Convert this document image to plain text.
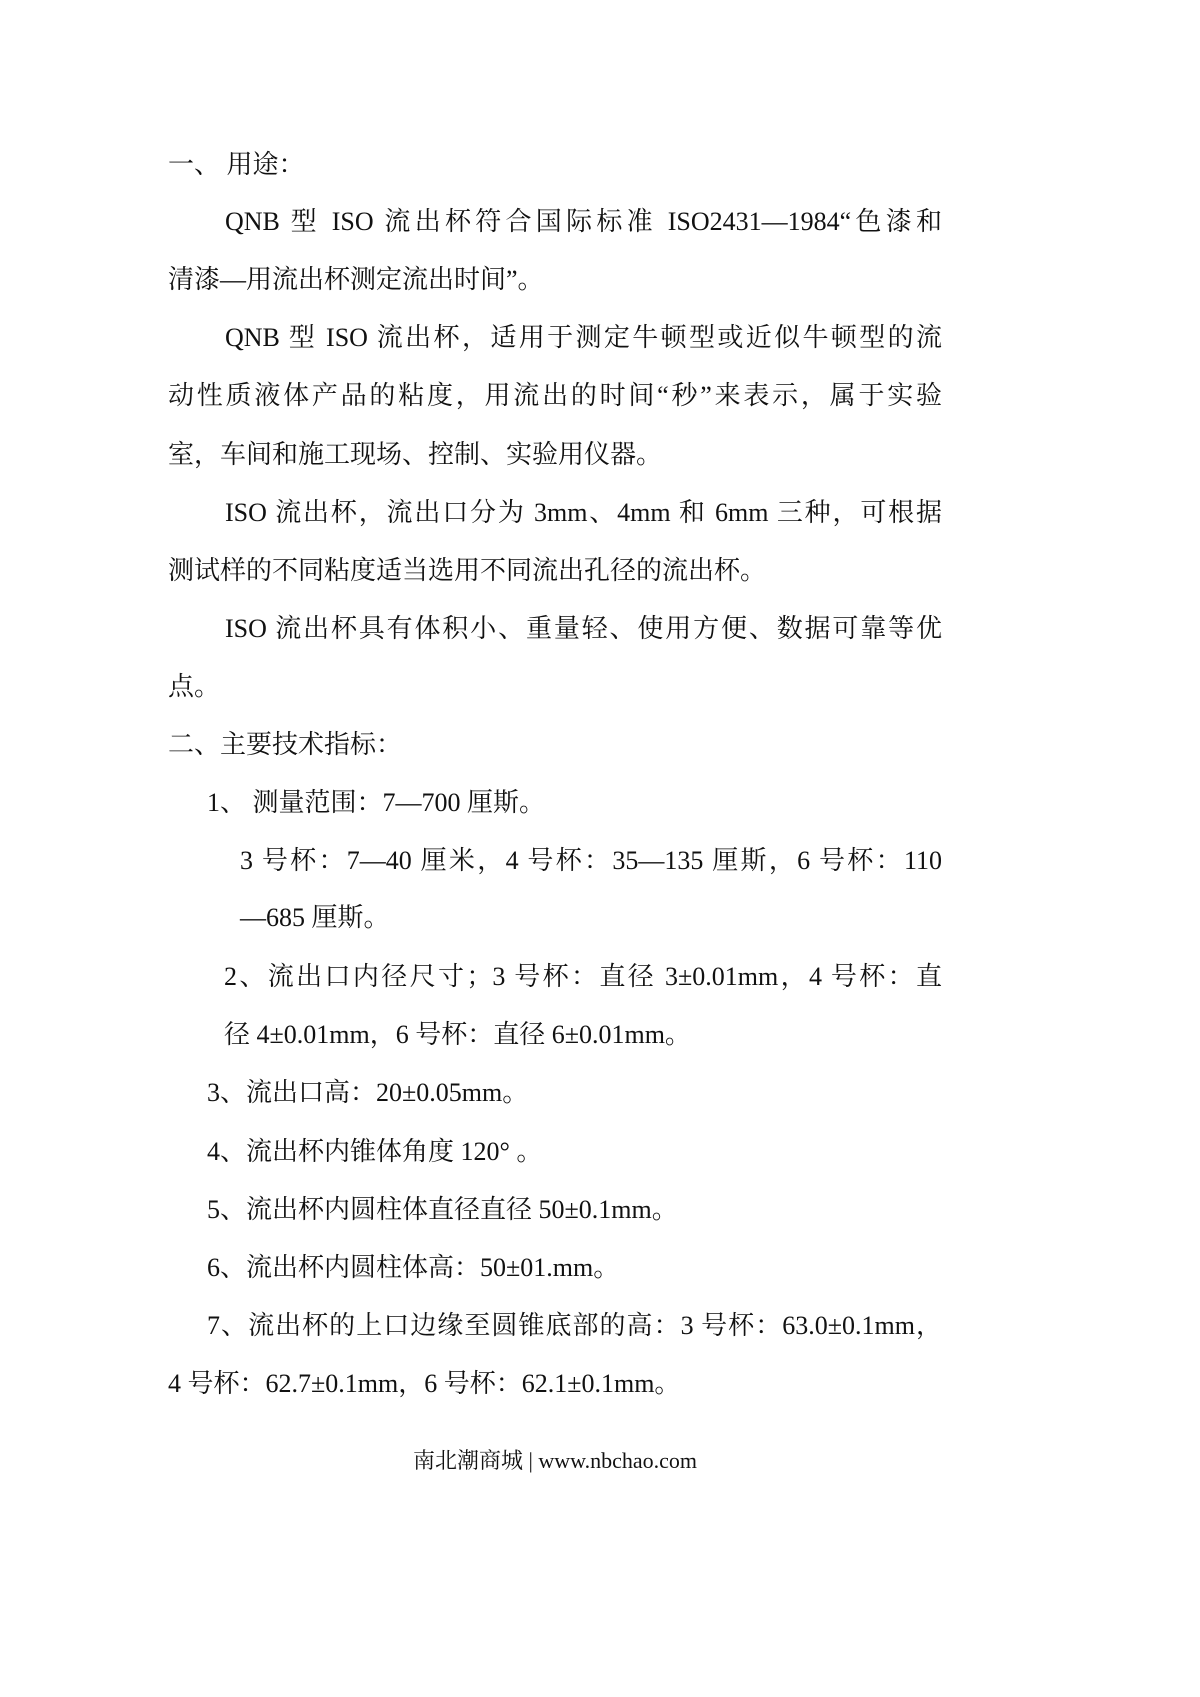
一、 用途：
QNB 型 ISO 流出杯符合国际标准 ISO2431—1984“色漆和
清漆—用流出杯测定流出时间”。
QNB 型 ISO 流出杯，适用于测定牛顿型或近似牛顿型的流
动性质液体产品的粘度，用流出的时间“秒”来表示，属于实验
室，车间和施工现场、控制、实验用仪器。
ISO 流出杯，流出口分为 3mm、4mm 和 6mm 三种，可根据
测试样的不同粘度适当选用不同流出孔径的流出杯。
ISO 流出杯具有体积小、重量轻、使用方便、数据可靠等优
点。
二、主要技术指标：
1、 测量范围：7—700 厘斯。
3 号杯：7—40 厘米，4 号杯：35—135 厘斯，6 号杯：110
—685 厘斯。
2、流出口内径尺寸；3 号杯：直径 3±0.01mm，4 号杯：直
径 4±0.01mm，6 号杯：直径 6±0.01mm。
3、流出口高：20±0.05mm。
4、流出杯内锥体角度 120° 。
5、流出杯内圆柱体直径直径 50±0.1mm。
6、流出杯内圆柱体高：50±01.mm。
7、流出杯的上口边缘至圆锥底部的高：3 号杯：63.0±0.1mm，
4 号杯：62.7±0.1mm，6 号杯：62.1±0.1mm。
南北潮商城 | www.nbchao.com
